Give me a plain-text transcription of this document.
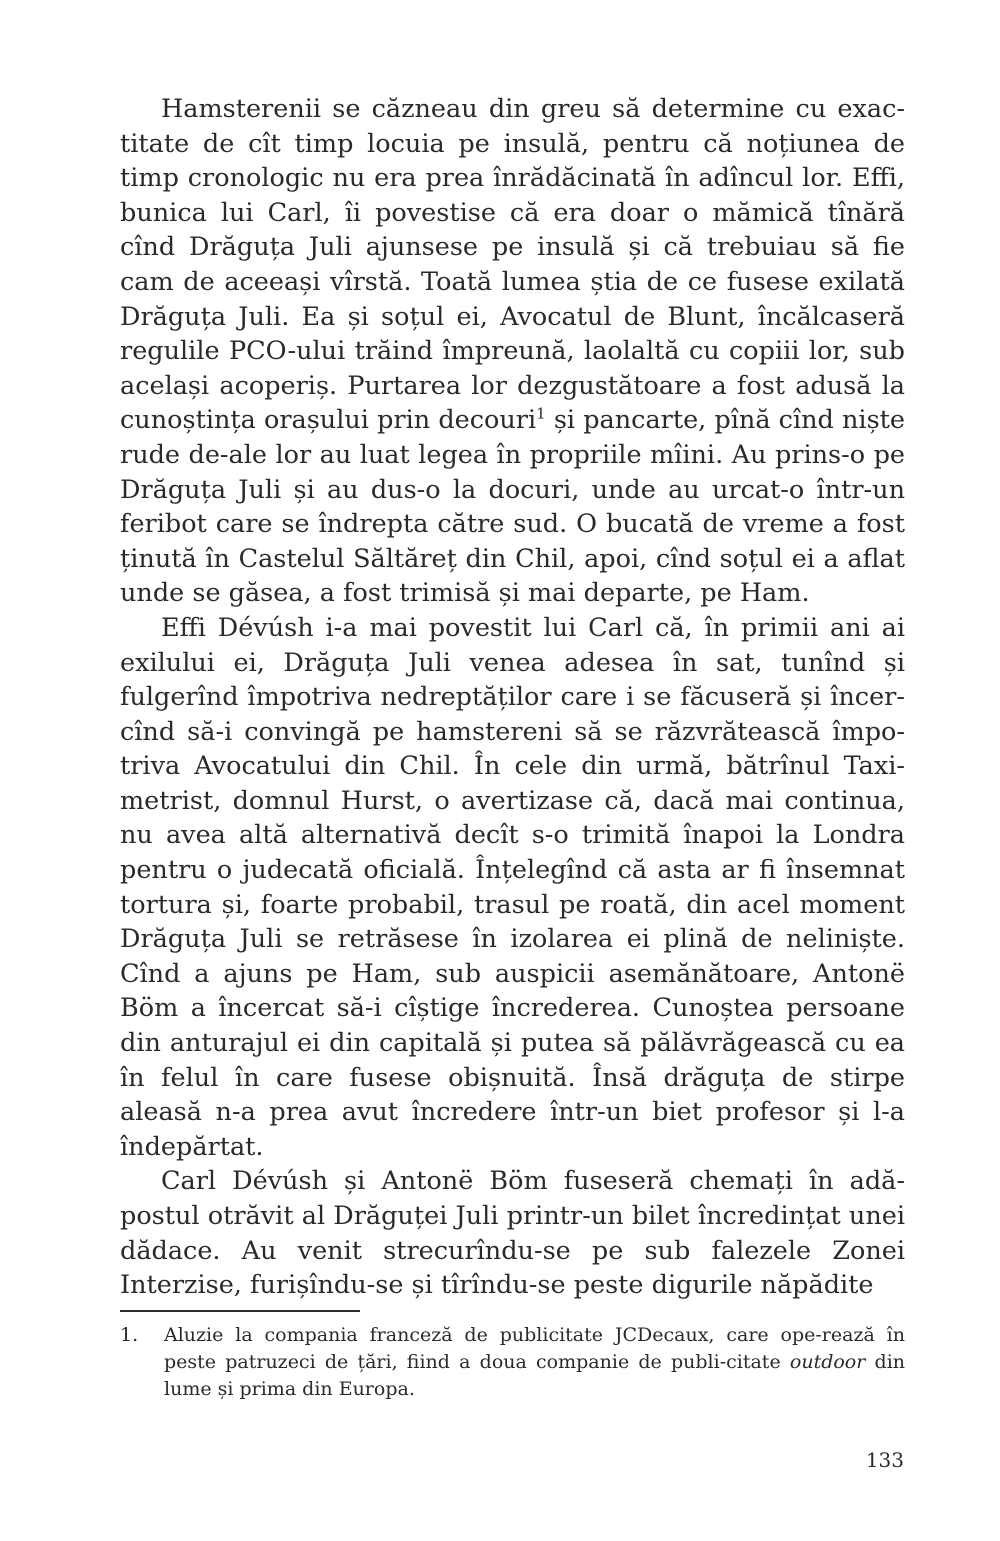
Hamsterenii se căzneau din greu să determine cu exac-titate de cît timp locuia pe insulă, pentru că noțiunea de timp cronologic nu era prea înrădăcinată în adîncul lor. Effi, bunica lui Carl, îi povestise că era doar o mămică tînără cînd Drăguța Juli ajunsese pe insulă și că trebuiau să fie cam de aceeași vîrstă. Toată lumea știa de ce fusese exilată Drăguța Juli. Ea și soțul ei, Avocatul de Blunt, încălcaseră regulile PCO-ului trăind împreună, laolaltă cu copiii lor, sub același acoperiș. Purtarea lor dezgustătoare a fost adusă la cunoștința orașului prin decouri$^1$ și pancarte, pînă cînd niște rude de-ale lor au luat legea în propriile mîini. Au prins-o pe Drăguța Juli și au dus-o la docuri, unde au urcat-o într-un feribot care se îndrepta către sud. O bucată de vreme a fost ținută în Castelul Săltăreț din Chil, apoi, cînd soțul ei a aflat unde se găsea, a fost trimisă și mai departe, pe Ham.

Effi Dévúsh i-a mai povestit lui Carl că, în primii ani ai exilului ei, Drăguța Juli venea adesea în sat, tunînd și fulgerînd împotriva nedreptăților care i se făcuseră și încer-cînd să-i convingă pe hamstereni să se răzvrătească împo-triva Avocatului din Chil. În cele din urmă, bătrînul Taxi-metrist, domnul Hurst, o avertizase că, dacă mai continua, nu avea altă alternativă decît s-o trimită înapoi la Londra pentru o judecată oficială. Înțelegînd că asta ar fi însemnat tortura și, foarte probabil, trasul pe roată, din acel moment Drăguța Juli se retrăsese în izolarea ei plină de neliniște. Cînd a ajuns pe Ham, sub auspicii asemănătoare, Antonë Böm a încercat să-i cîștige încrederea. Cunoștea persoane din anturajul ei din capitală și putea să pălăvrăgească cu ea în felul în care fusese obișnuită. Însă drăguța de stirpe aleasă n-a prea avut încredere într-un biet profesor și l-a îndepărtat.

Carl Dévúsh și Antonë Böm fuseseră chemați în adă-postul otrăvit al Drăguței Juli printr-un bilet încredințat unei dădace. Au venit strecurîndu-se pe sub falezele Zonei Interzise, furișîndu-se și tîrîndu-se peste digurile năpădite

1. Aluzie la compania franceză de publicitate JCDecaux, care ope-rează în peste patruzeci de țări, fiind a doua companie de publi-citate outdoor din lume și prima din Europa.
133
